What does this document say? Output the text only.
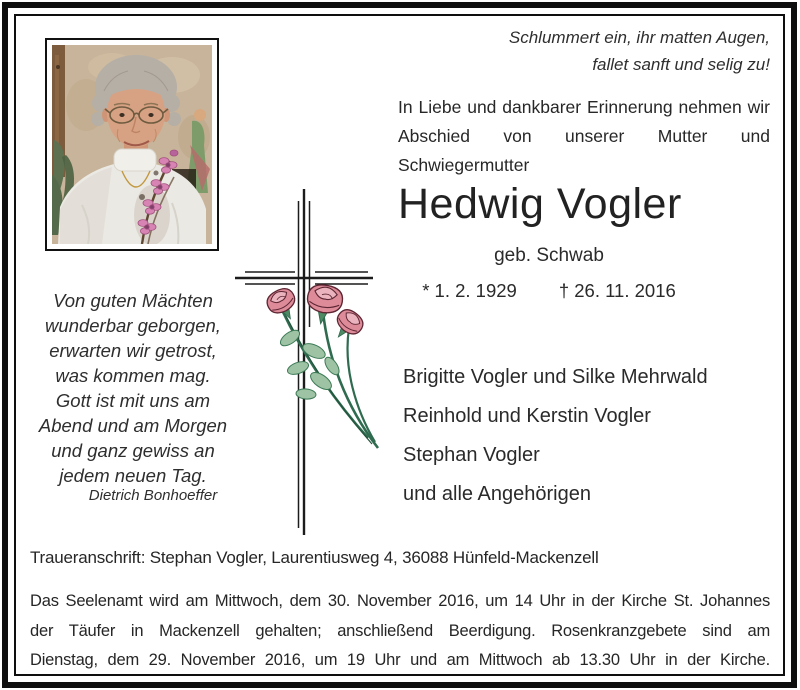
Schlummert ein, ihr matten Augen,
fallet sanft und selig zu!
In Liebe und dankbarer Erinnerung nehmen wir
Abschied von unserer Mutter und Schwiegermutter
Hedwig Vogler
geb. Schwab
* 1. 2. 1929 † 26. 11. 2016
Von guten Mächten
wunderbar geborgen,
erwarten wir getrost,
was kommen mag.
Gott ist mit uns am
Abend und am Morgen
und ganz gewiss an
jedem neuen Tag.
Dietrich Bonhoeffer
Brigitte Vogler und Silke Mehrwald
Reinhold und Kerstin Vogler
Stephan Vogler
und alle Angehörigen
Traueranschrift: Stephan Vogler, Laurentiusweg 4, 36088 Hünfeld-Mackenzell
Das Seelenamt wird am Mittwoch, dem 30. November 2016, um 14 Uhr in der Kirche St. Johannes
der Täufer in Mackenzell gehalten; anschließend Beerdigung. Rosenkranzgebete sind am
Dienstag, dem 29. November 2016, um 19 Uhr und am Mittwoch ab 13.30 Uhr in der Kirche.
